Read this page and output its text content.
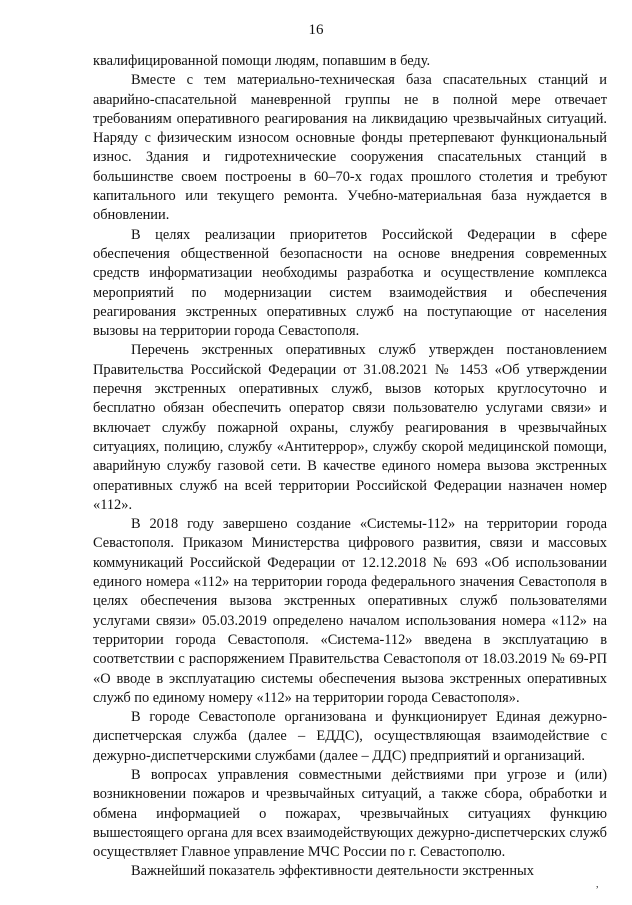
16

квалифицированной помощи людям, попавшим в беду.

Вместе с тем материально-техническая база спасательных станций и аварийно-спасательной маневренной группы не в полной мере отвечает требованиям оперативного реагирования на ликвидацию чрезвычайных ситуаций. Наряду с физическим износом основные фонды претерпевают функциональный износ. Здания и гидротехнические сооружения спасательных станций в большинстве своем построены в 60–70-х годах прошлого столетия и требуют капитального или текущего ремонта. Учебно-материальная база нуждается в обновлении.

В целях реализации приоритетов Российской Федерации в сфере обеспечения общественной безопасности на основе внедрения современных средств информатизации необходимы разработка и осуществление комплекса мероприятий по модернизации систем взаимодействия и обеспечения реагирования экстренных оперативных служб на поступающие от населения вызовы на территории города Севастополя.

Перечень экстренных оперативных служб утвержден постановлением Правительства Российской Федерации от 31.08.2021 № 1453 «Об утверждении перечня экстренных оперативных служб, вызов которых круглосуточно и бесплатно обязан обеспечить оператор связи пользователю услугами связи» и включает службу пожарной охраны, службу реагирования в чрезвычайных ситуациях, полицию, службу «Антитеррор», службу скорой медицинской помощи, аварийную службу газовой сети. В качестве единого номера вызова экстренных оперативных служб на всей территории Российской Федерации назначен номер «112».

В 2018 году завершено создание «Системы-112» на территории города Севастополя. Приказом Министерства цифрового развития, связи и массовых коммуникаций Российской Федерации от 12.12.2018 № 693 «Об использовании единого номера «112» на территории города федерального значения Севастополя в целях обеспечения вызова экстренных оперативных служб пользователями услугами связи» 05.03.2019 определено началом использования номера «112» на территории города Севастополя. «Система-112» введена в эксплуатацию в соответствии с распоряжением Правительства Севастополя от 18.03.2019 № 69-РП «О вводе в эксплуатацию системы обеспечения вызова экстренных оперативных служб по единому номеру «112» на территории города Севастополя».

В городе Севастополе организована и функционирует Единая дежурно-диспетчерская служба (далее – ЕДДС), осуществляющая взаимодействие с дежурно-диспетчерскими службами (далее – ДДС) предприятий и организаций.

В вопросах управления совместными действиями при угрозе и (или) возникновении пожаров и чрезвычайных ситуаций, а также сбора, обработки и обмена информацией о пожарах, чрезвычайных ситуациях функцию вышестоящего органа для всех взаимодействующих дежурно-диспетчерских служб осуществляет Главное управление МЧС России по г. Севастополю.

Важнейший показатель эффективности деятельности экстренных

,
